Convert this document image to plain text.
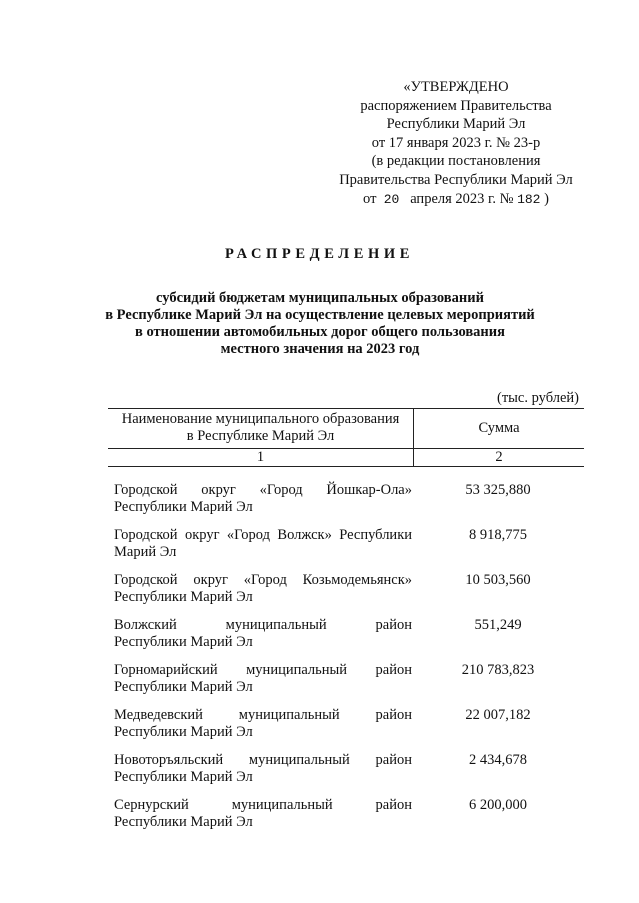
«УТВЕРЖДЕНО
распоряжением Правительства
Республики Марий Эл
от 17 января 2023 г. № 23-р
(в редакции постановления
Правительства Республики Марий Эл
от 20 апреля 2023 г. № 182 )
РАСПРЕДЕЛЕНИЕ
субсидий бюджетам муниципальных образований
в Республике Марий Эл на осуществление целевых мероприятий
в отношении автомобильных дорог общего пользования
местного значения на 2023 год
(тыс. рублей)
Наименование муниципального образования
в Республике Марий Эл	Сумма
1	2
Городской округ «Город Йошкар-Ола»
Республики Марий Эл
53 325,880
Городской округ «Город Волжск» Республики
Марий Эл
8 918,775
Городской округ «Город Козьмодемьянск»
Республики Марий Эл
10 503,560
Волжский муниципальный район
Республики Марий Эл
551,249
Горномарийский муниципальный район
Республики Марий Эл
210 783,823
Медведевский муниципальный район
Республики Марий Эл
22 007,182
Новоторъяльский муниципальный район
Республики Марий Эл
2 434,678
Сернурский муниципальный район
Республики Марий Эл
6 200,000
